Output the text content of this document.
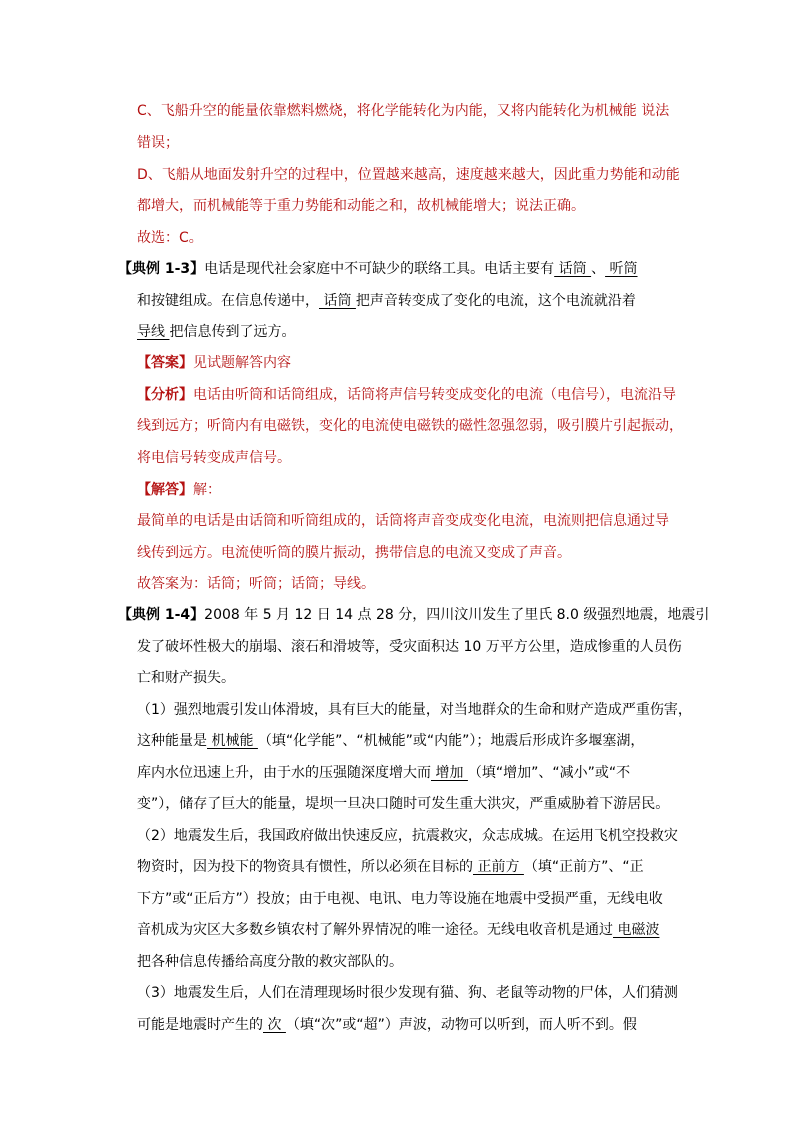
C、飞船升空的能量依靠燃料燃烧，将化学能转化为内能，又将内能转化为机械能 说法
错误；
D、飞船从地面发射升空的过程中，位置越来越高，速度越来越大，因此重力势能和动能
都增大，而机械能等于重力势能和动能之和，故机械能增大；说法正确。
故选：C。
【典例 1-3】电话是现代社会家庭中不可缺少的联络工具。电话主要有 话筒 、 听筒
和按键组成。在信息传递中， 话筒 把声音转变成了变化的电流，这个电流就沿着
导线 把信息传到了远方。
【答案】见试题解答内容
【分析】电话由听筒和话筒组成，话筒将声信号转变成变化的电流（电信号），电流沿导
线到远方；听筒内有电磁铁，变化的电流使电磁铁的磁性忽强忽弱，吸引膜片引起振动，
将电信号转变成声信号。
【解答】解：
最简单的电话是由话筒和听筒组成的，话筒将声音变成变化电流，电流则把信息通过导
线传到远方。电流使听筒的膜片振动，携带信息的电流又变成了声音。
故答案为：话筒；听筒；话筒；导线。
【典例 1-4】2008 年 5 月 12 日 14 点 28 分，四川汶川发生了里氏 8.0 级强烈地震，地震引
发了破坏性极大的崩塌、滚石和滑坡等，受灾面积达 10 万平方公里，造成惨重的人员伤
亡和财产损失。
（1）强烈地震引发山体滑坡，具有巨大的能量，对当地群众的生命和财产造成严重伤害，
这种能量是 机械能 （填“化学能”、“机械能”或“内能”）；地震后形成许多堰塞湖，
库内水位迅速上升，由于水的压强随深度增大而 增加 （填“增加”、“减小”或“不
变”），储存了巨大的能量，堤坝一旦决口随时可发生重大洪灾，严重威胁着下游居民。
（2）地震发生后，我国政府做出快速反应，抗震救灾，众志成城。在运用飞机空投救灾
物资时，因为投下的物资具有惯性，所以必须在目标的 正前方 （填“正前方”、“正
下方”或“正后方”）投放；由于电视、电讯、电力等设施在地震中受损严重，无线电收
音机成为灾区大多数乡镇农村了解外界情况的唯一途径。无线电收音机是通过 电磁波
把各种信息传播给高度分散的救灾部队的。
（3）地震发生后，人们在清理现场时很少发现有猫、狗、老鼠等动物的尸体，人们猜测
可能是地震时产生的 次 （填“次”或“超”）声波，动物可以听到，而人听不到。假
